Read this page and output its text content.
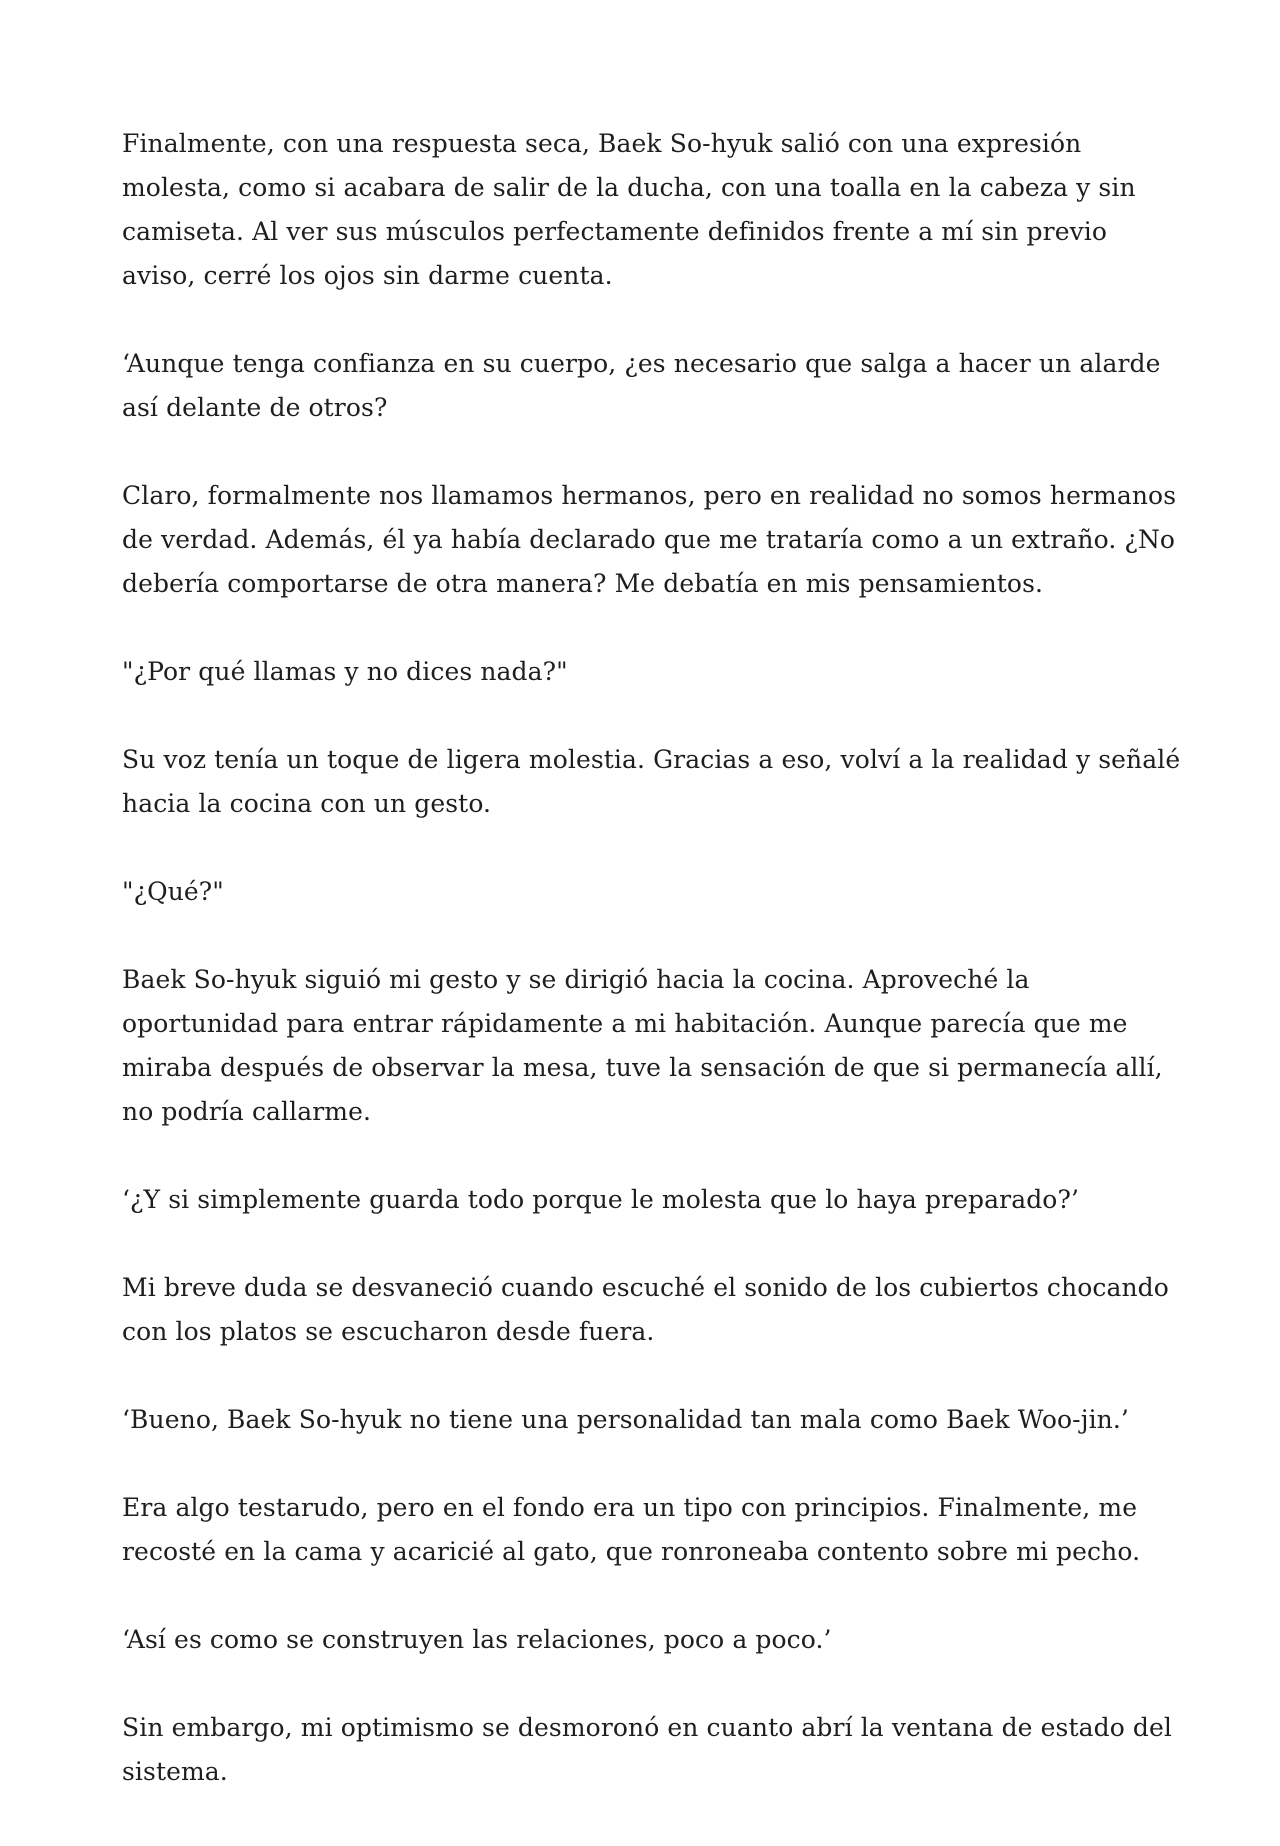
Finalmente, con una respuesta seca, Baek So-hyuk salió con una expresión molesta, como si acabara de salir de la ducha, con una toalla en la cabeza y sin camiseta. Al ver sus músculos perfectamente definidos frente a mí sin previo aviso, cerré los ojos sin darme cuenta.

‘Aunque tenga confianza en su cuerpo, ¿es necesario que salga a hacer un alarde así delante de otros?

Claro, formalmente nos llamamos hermanos, pero en realidad no somos hermanos de verdad. Además, él ya había declarado que me trataría como a un extraño. ¿No debería comportarse de otra manera? Me debatía en mis pensamientos.

"¿Por qué llamas y no dices nada?"

Su voz tenía un toque de ligera molestia. Gracias a eso, volví a la realidad y señalé hacia la cocina con un gesto.

"¿Qué?"

Baek So-hyuk siguió mi gesto y se dirigió hacia la cocina. Aproveché la oportunidad para entrar rápidamente a mi habitación. Aunque parecía que me miraba después de observar la mesa, tuve la sensación de que si permanecía allí, no podría callarme.

‘¿Y si simplemente guarda todo porque le molesta que lo haya preparado?’

Mi breve duda se desvaneció cuando escuché el sonido de los cubiertos chocando con los platos se escucharon desde fuera.

‘Bueno, Baek So-hyuk no tiene una personalidad tan mala como Baek Woo-jin.’

Era algo testarudo, pero en el fondo era un tipo con principios. Finalmente, me recosté en la cama y acaricié al gato, que ronroneaba contento sobre mi pecho.

‘Así es como se construyen las relaciones, poco a poco.’

Sin embargo, mi optimismo se desmoronó en cuanto abrí la ventana de estado del sistema.
